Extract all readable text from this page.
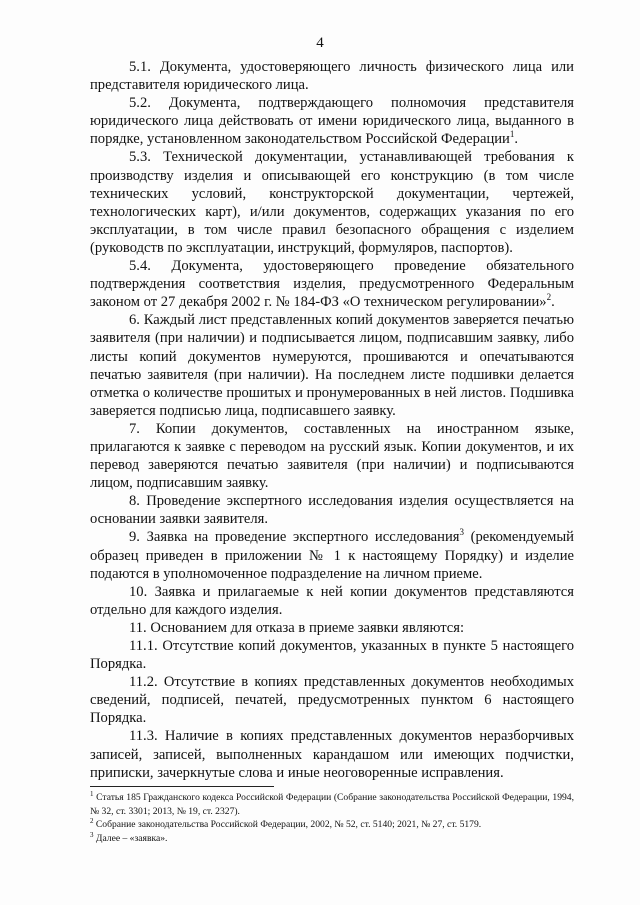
4

5.1. Документа, удостоверяющего личность физического лица или представителя юридического лица.

5.2. Документа, подтверждающего полномочия представителя юридического лица действовать от имени юридического лица, выданного в порядке, установленном законодательством Российской Федерации$^1$.

5.3. Технической документации, устанавливающей требования к производству изделия и описывающей его конструкцию (в том числе технических условий, конструкторской документации, чертежей, технологических карт), и/или документов, содержащих указания по его эксплуатации, в том числе правил безопасного обращения с изделием (руководств по эксплуатации, инструкций, формуляров, паспортов).

5.4. Документа, удостоверяющего проведение обязательного подтверждения соответствия изделия, предусмотренного Федеральным законом от 27 декабря 2002 г. № 184-ФЗ «О техническом регулировании»$^2$.

6. Каждый лист представленных копий документов заверяется печатью заявителя (при наличии) и подписывается лицом, подписавшим заявку, либо листы копий документов нумеруются, прошиваются и опечатываются печатью заявителя (при наличии). На последнем листе подшивки делается отметка о количестве прошитых и пронумерованных в ней листов. Подшивка заверяется подписью лица, подписавшего заявку.

7. Копии документов, составленных на иностранном языке, прилагаются к заявке с переводом на русский язык. Копии документов, и их перевод заверяются печатью заявителя (при наличии) и подписываются лицом, подписавшим заявку.

8. Проведение экспертного исследования изделия осуществляется на основании заявки заявителя.

9. Заявка на проведение экспертного исследования$^3$ (рекомендуемый образец приведен в приложении № 1 к настоящему Порядку) и изделие подаются в уполномоченное подразделение на личном приеме.

10. Заявка и прилагаемые к ней копии документов представляются отдельно для каждого изделия.

11. Основанием для отказа в приеме заявки являются:

11.1. Отсутствие копий документов, указанных в пункте 5 настоящего Порядка.

11.2. Отсутствие в копиях представленных документов необходимых сведений, подписей, печатей, предусмотренных пунктом 6 настоящего Порядка.

11.3. Наличие в копиях представленных документов неразборчивых записей, записей, выполненных карандашом или имеющих подчистки, приписки, зачеркнутые слова и иные неоговоренные исправления.

$^1$ Статья 185 Гражданского кодекса Российской Федерации (Собрание законодательства Российской Федерации, 1994, № 32, ст. 3301; 2013, № 19, ст. 2327).

$^2$ Собрание законодательства Российской Федерации, 2002, № 52, ст. 5140; 2021, № 27, ст. 5179.

$^3$ Далее – «заявка».
